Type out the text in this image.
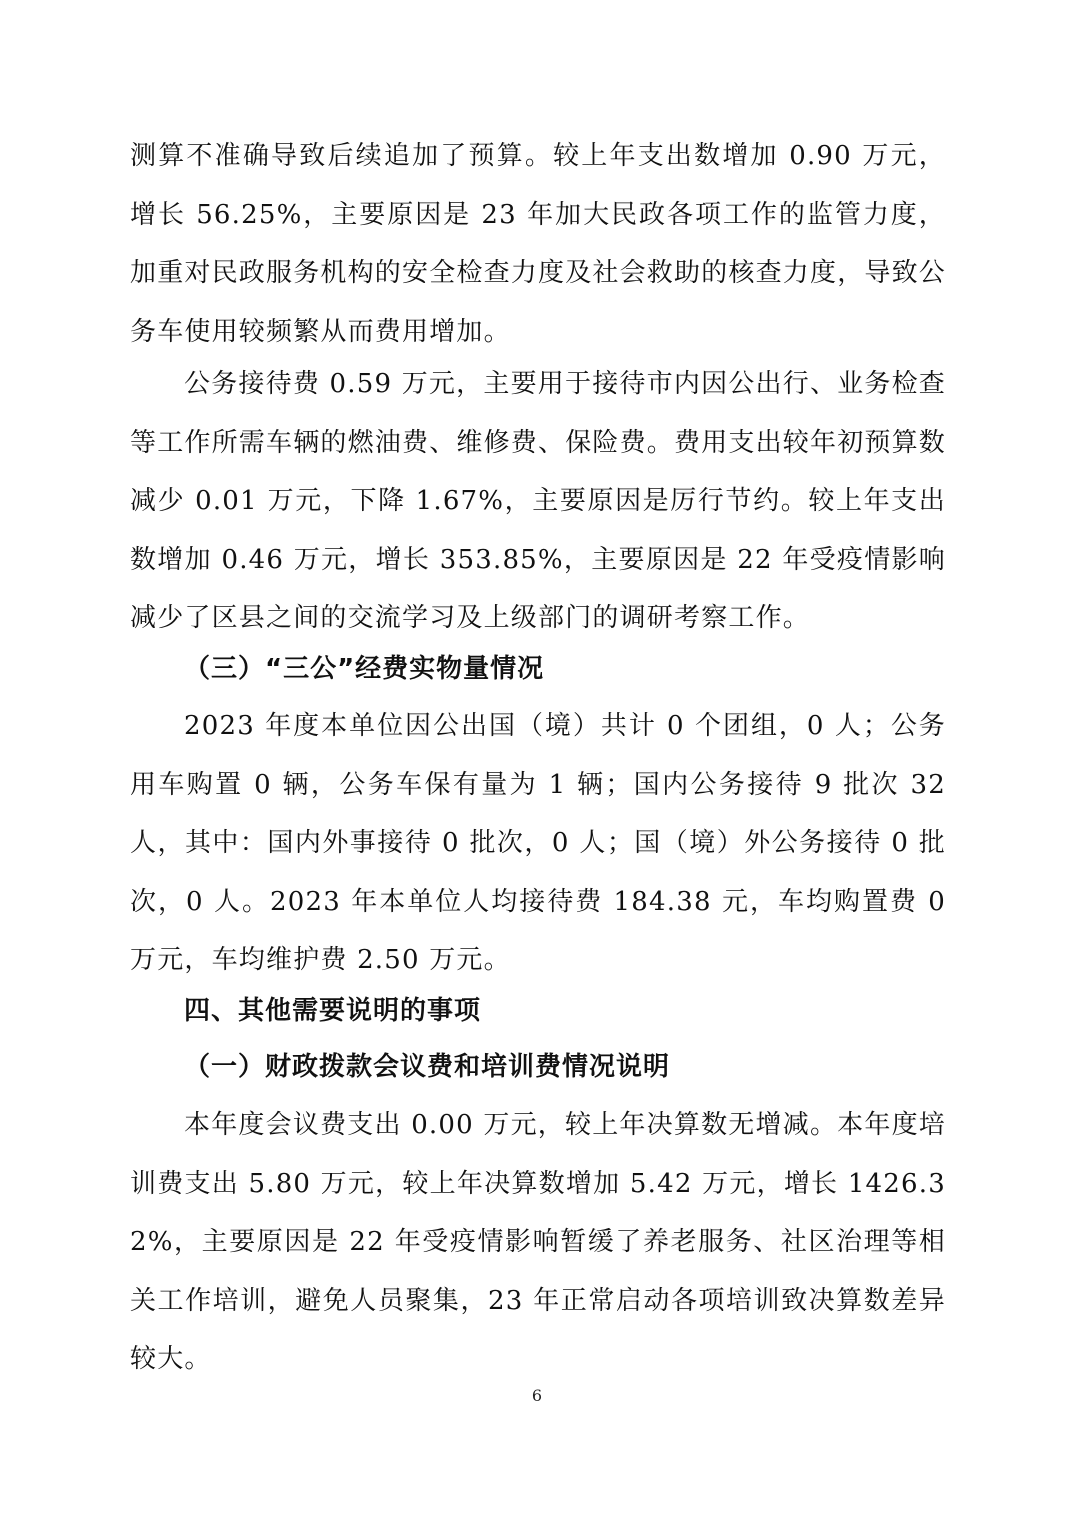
测算不准确导致后续追加了预算。较上年支出数增加 0.90 万元，增长 56.25%，主要原因是 23 年加大民政各项工作的监管力度，加重对民政服务机构的安全检查力度及社会救助的核查力度，导致公务车使用较频繁从而费用增加。

公务接待费 0.59 万元，主要用于接待市内因公出行、业务检查等工作所需车辆的燃油费、维修费、保险费。费用支出较年初预算数减少 0.01 万元，下降 1.67%，主要原因是厉行节约。较上年支出数增加 0.46 万元，增长 353.85%，主要原因是 22 年受疫情影响减少了区县之间的交流学习及上级部门的调研考察工作。

（三）“三公”经费实物量情况

2023 年度本单位因公出国（境）共计 0 个团组，0 人；公务用车购置 0 辆，公务车保有量为 1 辆；国内公务接待 9 批次 32 人，其中：国内外事接待 0 批次，0 人；国（境）外公务接待 0 批次，0 人。2023 年本单位人均接待费 184.38 元，车均购置费 0 万元，车均维护费 2.50 万元。

四、其他需要说明的事项
（一）财政拨款会议费和培训费情况说明

本年度会议费支出 0.00 万元，较上年决算数无增减。本年度培训费支出 5.80 万元，较上年决算数增加 5.42 万元，增长 1426.32%，主要原因是 22 年受疫情影响暂缓了养老服务、社区治理等相关工作培训，避免人员聚集，23 年正常启动各项培训致决算数差异较大。

6
